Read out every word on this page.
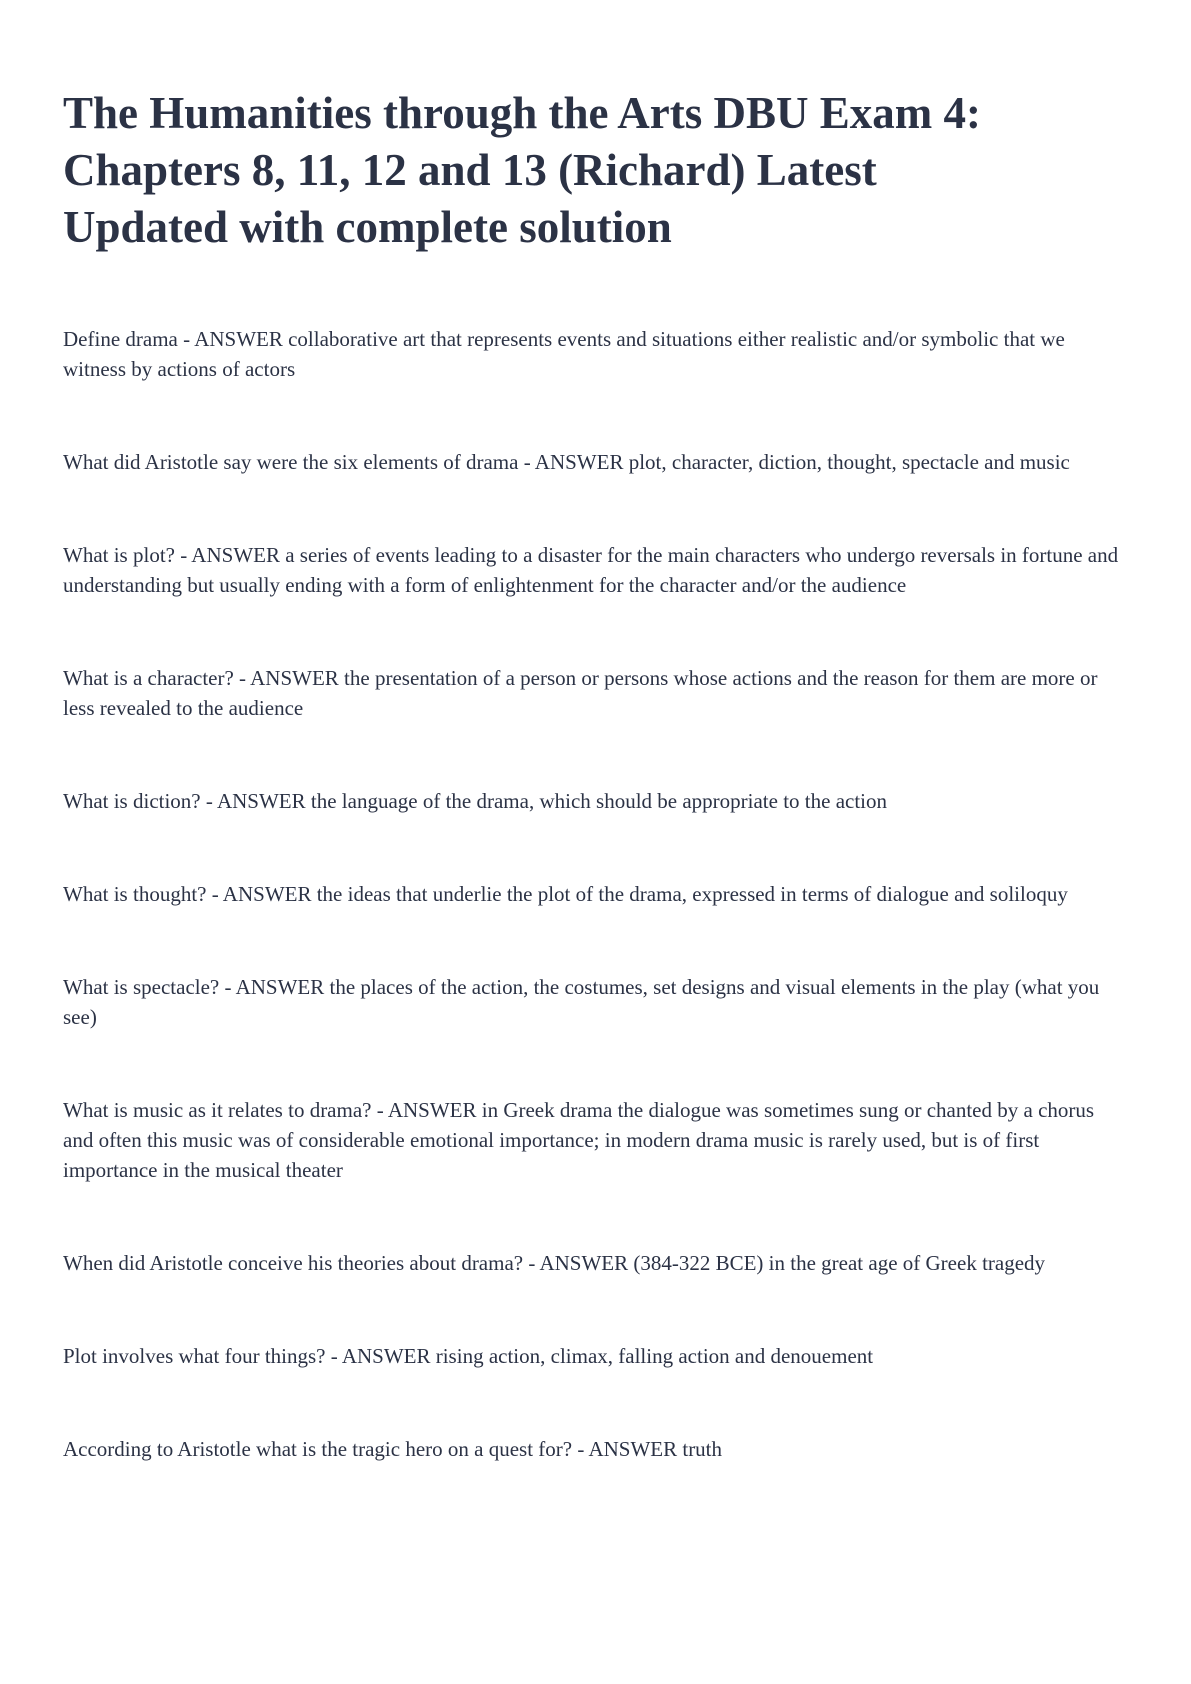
The Humanities through the Arts DBU Exam 4:
Chapters 8, 11, 12 and 13 (Richard) Latest
Updated with complete solution

Define drama - ANSWER collaborative art that represents events and situations either realistic and/or symbolic that we witness by actions of actors

What did Aristotle say were the six elements of drama - ANSWER plot, character, diction, thought, spectacle and music

What is plot? - ANSWER a series of events leading to a disaster for the main characters who undergo reversals in fortune and understanding but usually ending with a form of enlightenment for the character and/or the audience

What is a character? - ANSWER the presentation of a person or persons whose actions and the reason for them are more or less revealed to the audience

What is diction? - ANSWER the language of the drama, which should be appropriate to the action

What is thought? - ANSWER the ideas that underlie the plot of the drama, expressed in terms of dialogue and soliloquy

What is spectacle? - ANSWER the places of the action, the costumes, set designs and visual elements in the play (what you see)

What is music as it relates to drama? - ANSWER in Greek drama the dialogue was sometimes sung or chanted by a chorus and often this music was of considerable emotional importance; in modern drama music is rarely used, but is of first importance in the musical theater

When did Aristotle conceive his theories about drama? - ANSWER (384-322 BCE) in the great age of Greek tragedy

Plot involves what four things? - ANSWER rising action, climax, falling action and denouement

According to Aristotle what is the tragic hero on a quest for? - ANSWER truth
